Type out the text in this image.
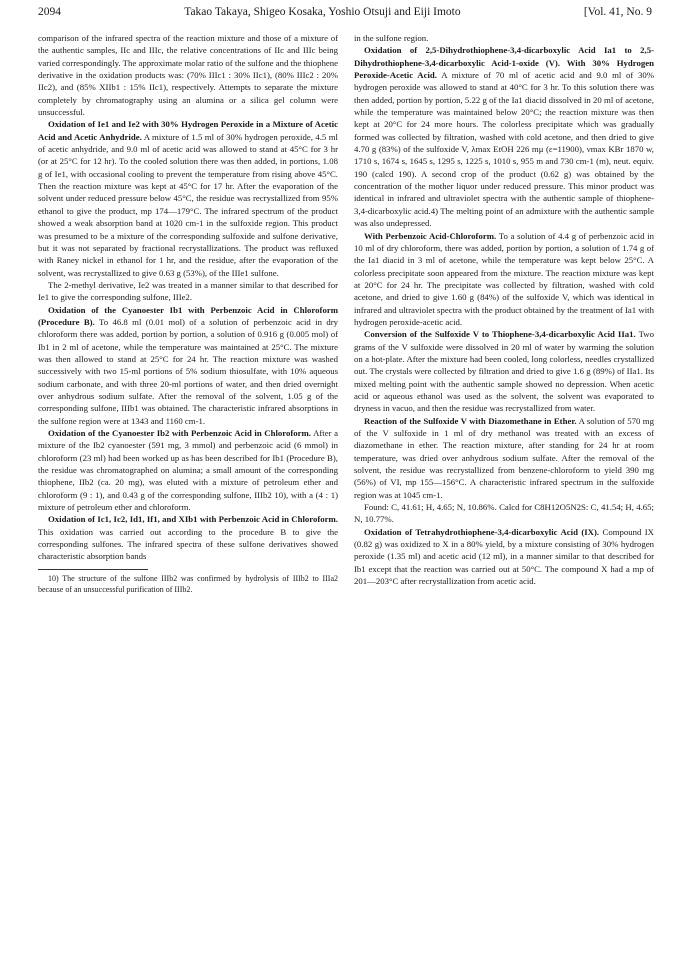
2094	Takao Takaya, Shigeo Kosaka, Yoshio Otsuji and Eiji Imoto	[Vol. 41, No. 9

comparison of the infrared spectra of the reaction mixture and those of a mixture of the authentic samples, IIc and IIIc, the relative concentrations of IIc and IIIc being varied correspondingly. The approximate molar ratio of the sulfone and the thiophene derivative in the oxidation products was: (70% IIIc1 : 30% IIc1), (80% IIIc2 : 20% IIc2), and (85% XIIb1 : 15% IIc1), respectively. Attempts to separate the mixture completely by chromatography using an alumina or a silica gel column were unsuccessful.

Oxidation of Ie1 and Ie2 with 30% Hydrogen Peroxide in a Mixture of Acetic Acid and Acetic Anhydride. A mixture of 1.5 ml of 30% hydrogen peroxide, 4.5 ml of acetic anhydride, and 9.0 ml of acetic acid was allowed to stand at 45°C for 3 hr (or at 25°C for 12 hr). To the cooled solution there was then added, in portions, 1.08 g of Ie1, with occasional cooling to prevent the temperature from rising above 45°C. Then the reaction mixture was kept at 45°C for 17 hr. After the evaporation of the solvent under reduced pressure below 45°C, the residue was recrystallized from 95% ethanol to give the product, mp 174—179°C. The infrared spectrum of the product showed a weak absorption band at 1020 cm-1 in the sulfoxide region. This product was presumed to be a mixture of the corresponding sulfoxide and sulfone derivative, but it was not separated by fractional recrystallizations. The product was refluxed with Raney nickel in ethanol for 1 hr, and the residue, after the evaporation of the solvent, was recrystallized to give 0.63 g (53%), of the IIIe1 sulfone.

The 2-methyl derivative, Ie2 was treated in a manner similar to that described for Ie1 to give the corresponding sulfone, IIIe2.

Oxidation of the Cyanoester Ib1 with Perbenzoic Acid in Chloroform (Procedure B). To 46.8 ml (0.01 mol) of a solution of perbenzoic acid in dry chloroform there was added, portion by portion, a solution of 0.916 g (0.005 mol) of Ib1 in 2 ml of acetone, while the temperature was maintained at 25°C. The mixture was then allowed to stand at 25°C for 24 hr. The reaction mixture was washed successively with two 15-ml portions of 5% sodium thiosulfate, with 10% aqueous sodium carbonate, and with three 20-ml portions of water, and then dried overnight over anhydrous sodium sulfate. After the removal of the solvent, 1.05 g of the corresponding sulfone, IIIb1 was obtained. The characteristic infrared absorptions in the sulfone region were at 1343 and 1160 cm-1.

Oxidation of the Cyanoester Ib2 with Perbenzoic Acid in Chloroform. After a mixture of the Ib2 cyanoester (591 mg, 3 mmol) and perbenzoic acid (6 mmol) in chloroform (23 ml) had been worked up as has been described for Ib1 (Procedure B), the residue was chromatographed on alumina; a small amount of the corresponding thiophene, IIb2 (ca. 20 mg), was eluted with a mixture of petroleum ether and chloroform (9 : 1), and 0.43 g of the corresponding sulfone, IIIb2 10), with a (4 : 1) mixture of petroleum ether and chloroform.

Oxidation of Ic1, Ic2, Id1, If1, and XIb1 with Perbenzoic Acid in Chloroform. This oxidation was carried out according to the procedure B to give the corresponding sulfones. The infrared spectra of these sulfone derivatives showed characteristic absorption bands

10) The structure of the sulfone IIIb2 was confirmed by hydrolysis of IIIb2 to IIIa2 because of an unsuccessful purification of IIIb2.

in the sulfone region.

Oxidation of 2,5-Dihydrothiophene-3,4-dicarboxylic Acid Ia1 to 2,5-Dihydrothiophene-3,4-dicarboxylic Acid-1-oxide (V). With 30% Hydrogen Peroxide-Acetic Acid. A mixture of 70 ml of acetic acid and 9.0 ml of 30% hydrogen peroxide was allowed to stand at 40°C for 3 hr. To this solution there was then added, portion by portion, 5.22 g of the Ia1 diacid dissolved in 20 ml of acetone, while the temperature was maintained below 20°C; the reaction mixture was then kept at 20°C for 24 more hours. The colorless precipitate which was gradually formed was collected by filtration, washed with cold acetone, and then dried to give 4.70 g (83%) of the sulfoxide V, λmax EtOH 226 mμ (ε=11900), νmax KBr 1870 w, 1710 s, 1674 s, 1645 s, 1295 s, 1225 s, 1010 s, 955 m and 730 cm-1 (m), neut. equiv. 190 (calcd 190). A second crop of the product (0.62 g) was obtained by the concentration of the mother liquor under reduced pressure. This minor product was identical in infrared and ultraviolet spectra with the authentic sample of thiophene-3,4-dicarboxylic acid.4) The melting point of an admixture with the authentic sample was also undepressed.

With Perbenzoic Acid-Chloroform. To a solution of 4.4 g of perbenzoic acid in 10 ml of dry chloroform, there was added, portion by portion, a solution of 1.74 g of the Ia1 diacid in 3 ml of acetone, while the temperature was kept below 25°C. A colorless precipitate soon appeared from the mixture. The reaction mixture was kept at 20°C for 24 hr. The precipitate was collected by filtration, washed with cold acetone, and dried to give 1.60 g (84%) of the sulfoxide V, which was identical in infrared and ultraviolet spectra with the product obtained by the treatment of Ia1 with hydrogen peroxide-acetic acid.

Conversion of the Sulfoxide V to Thiophene-3,4-dicarboxylic Acid IIa1. Two grams of the V sulfoxide were dissolved in 20 ml of water by warming the solution on a hot-plate. After the mixture had been cooled, long colorless, needles crystallized out. The crystals were collected by filtration and dried to give 1.6 g (89%) of IIa1. Its mixed melting point with the authentic sample showed no depression. When acetic acid or aqueous ethanol was used as the solvent, the solvent was evaporated to dryness in vacuo, and then the residue was recrystallized from water.

Reaction of the Sulfoxide V with Diazomethane in Ether. A solution of 570 mg of the V sulfoxide in 1 ml of dry methanol was treated with an excess of diazomethane in ether. The reaction mixture, after standing for 24 hr at room temperature, was dried over anhydrous sodium sulfate. After the removal of the solvent, the residue was recrystallized from benzene-chloroform to yield 390 mg (56%) of VI, mp 155—156°C. A characteristic infrared spectrum in the sulfoxide region was at 1045 cm-1.

Found: C, 41.61; H, 4.65; N, 10.86%. Calcd for C8H12O5N2S: C, 41.54; H, 4.65; N, 10.77%.

Oxidation of Tetrahydrothiophene-3,4-dicarboxylic Acid (IX). Compound IX (0.82 g) was oxidized to X in a 80% yield, by a mixture consisting of 30% hydrogen peroxide (1.35 ml) and acetic acid (12 ml), in a manner similar to that described for Ib1 except that the reaction was carried out at 50°C. The compound X had a mp of 201—203°C after recrystallization from acetic acid.
